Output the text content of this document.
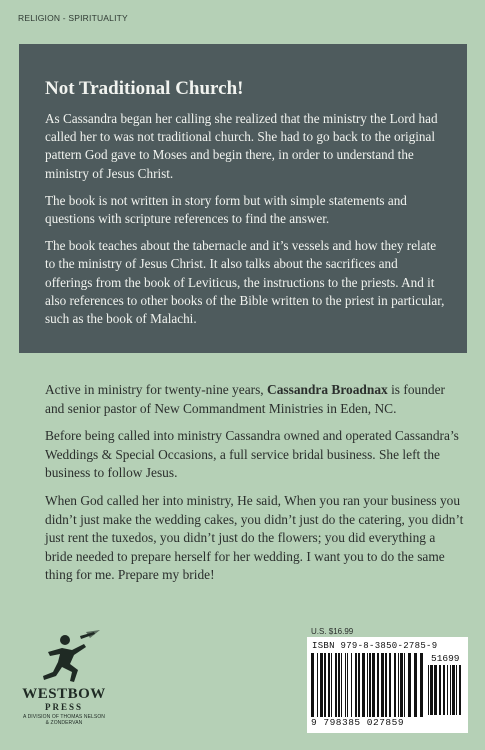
RELIGION - SPIRITUALITY
Not Traditional Church!

As Cassandra began her calling she realized that the ministry the Lord had called her to was not traditional church. She had to go back to the original pattern God gave to Moses and begin there, in order to understand the ministry of Jesus Christ.

The book is not written in story form but with simple statements and questions with scripture references to find the answer.

The book teaches about the tabernacle and it’s vessels and how they relate to the ministry of Jesus Christ. It also talks about the sacrifices and offerings from the book of Leviticus, the instructions to the priests. And it also references to other books of the Bible written to the priest in particular, such as the book of Malachi.

Active in ministry for twenty-nine years, Cassandra Broadnax is founder and senior pastor of New Commandment Ministries in Eden, NC.

Before being called into ministry Cassandra owned and operated Cassandra’s Weddings & Special Occasions, a full service bridal business. She left the business to follow Jesus.

When God called her into ministry, He said, When you ran your business you didn’t just make the wedding cakes, you didn’t just do the catering, you didn’t just rent the tuxedos, you didn’t just do the flowers; you did everything a bride needed to prepare herself for her wedding. I want you to do the same thing for me. Prepare my bride!

WESTBOW
PRESS
A DIVISION OF THOMAS NELSON
& ZONDERVAN
U.S. $16.99
ISBN 979-8-3850-2785-9
51699
9 798385 027859
